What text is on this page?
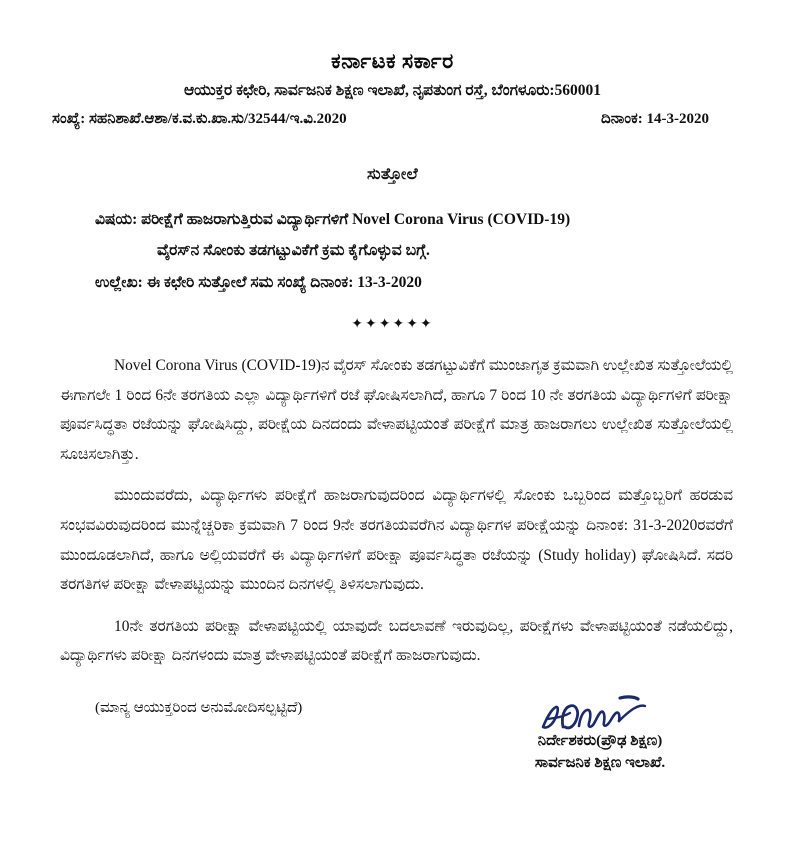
ಕರ್ನಾಟಕ ಸರ್ಕಾರ
ಆಯುಕ್ತರ ಕಛೇರಿ, ಸಾರ್ವಜನಿಕ ಶಿಕ್ಷಣ ಇಲಾಖೆ, ನೃಪತುಂಗ ರಸ್ತೆ, ಬೆಂಗಳೂರು:560001
ಸಂಖ್ಯೆ: ಸಹನಿಶಾಖೆ.ಆಶಾ/ಕ.ವ.ಕು.ಖಾ.ಸು/32544/ಇ.ವಿ.2020	ದಿನಾಂಕ: 14-3-2020
ಸುತ್ತೋಲೆ
ವಿಷಯ: ಪರೀಕ್ಷೆಗೆ ಹಾಜರಾಗುತ್ತಿರುವ ವಿದ್ಯಾರ್ಥಿಗಳಿಗೆ Novel Corona Virus (COVID-19)
ವೈರಸ್‌ನ ಸೋಂಕು ತಡಗಟ್ಟುವಿಕೆಗೆ ಕ್ರಮ ಕೈಗೊಳ್ಳುವ ಬಗ್ಗೆ.
ಉಲ್ಲೇಖ: ಈ ಕಛೇರಿ ಸುತ್ತೋಲೆ ಸಮ ಸಂಖ್ಯೆ ದಿನಾಂಕ: 13-3-2020
✦✦✦✦✦✦

Novel Corona Virus (COVID-19)ನ ವೈರಸ್ ಸೋಂಕು ತಡಗಟ್ಟುವಿಕೆಗೆ ಮುಂಜಾಗೃತ ಕ್ರಮವಾಗಿ ಉಲ್ಲೇಖಿತ ಸುತ್ತೋಲೆಯಲ್ಲಿ ಈಗಾಗಲೇ 1 ರಿಂದ 6ನೇ ತರಗತಿಯ ಎಲ್ಲಾ ವಿದ್ಯಾರ್ಥಿಗಳಿಗೆ ರಜೆ ಘೋಷಿಸಲಾಗಿದೆ, ಹಾಗೂ 7 ರಿಂದ 10 ನೇ ತರಗತಿಯ ವಿದ್ಯಾರ್ಥಿಗಳಿಗೆ ಪರೀಕ್ಷಾ ಪೂರ್ವಸಿದ್ಧತಾ ರಜೆಯನ್ನು ಘೋಷಿಸಿದ್ದು, ಪರೀಕ್ಷೆಯ ದಿನದಂದು ವೇಳಾಪಟ್ಟಿಯಂತೆ ಪರೀಕ್ಷೆಗೆ ಮಾತ್ರ ಹಾಜರಾಗಲು ಉಲ್ಲೇಖಿತ ಸುತ್ತೋಲೆಯಲ್ಲಿ ಸೂಚಿಸಲಾಗಿತ್ತು.

ಮುಂದುವರೆದು, ವಿದ್ಯಾರ್ಥಿಗಳು ಪರೀಕ್ಷೆಗೆ ಹಾಜರಾಗುವುದರಿಂದ ವಿದ್ಯಾರ್ಥಿಗಳಲ್ಲಿ ಸೋಂಕು ಒಬ್ಬರಿಂದ ಮತ್ತೊಬ್ಬರಿಗೆ ಹರಡುವ ಸಂಭವವಿರುವುದರಿಂದ ಮುನ್ನೆಚ್ಚರಿಕಾ ಕ್ರಮವಾಗಿ 7 ರಿಂದ 9ನೇ ತರಗತಿಯವರೆಗಿನ ವಿದ್ಯಾರ್ಥಿಗಳ ಪರೀಕ್ಷೆಯನ್ನು ದಿನಾಂಕ: 31-3-2020ರವರೆಗೆ ಮುಂದೂಡಲಾಗಿದೆ, ಹಾಗೂ ಅಲ್ಲಿಯವರೆಗೆ ಈ ವಿದ್ಯಾರ್ಥಿಗಳಿಗೆ ಪರೀಕ್ಷಾ ಪೂರ್ವಸಿದ್ಧತಾ ರಜೆಯನ್ನು (Study holiday) ಘೋಷಿಸಿದೆ. ಸದರಿ ತರಗತಿಗಳ ಪರೀಕ್ಷಾ ವೇಳಾಪಟ್ಟಿಯನ್ನು ಮುಂದಿನ ದಿನಗಳಲ್ಲಿ ತಿಳಿಸಲಾಗುವುದು.

10ನೇ ತರಗತಿಯ ಪರೀಕ್ಷಾ ವೇಳಾಪಟ್ಟಿಯಲ್ಲಿ ಯಾವುದೇ ಬದಲಾವಣೆ ಇರುವುದಿಲ್ಲ, ಪರೀಕ್ಷೆಗಳು ವೇಳಾಪಟ್ಟಿಯಂತೆ ನಡೆಯಲಿದ್ದು, ವಿದ್ಯಾರ್ಥಿಗಳು ಪರೀಕ್ಷಾ ದಿನಗಳಂದು ಮಾತ್ರ ವೇಳಾಪಟ್ಟಿಯಂತೆ ಪರೀಕ್ಷೆಗೆ ಹಾಜರಾಗುವುದು.

(ಮಾನ್ಯ ಆಯುಕ್ತರಿಂದ ಅನುಮೋದಿಸಲ್ಪಟ್ಟಿದೆ)
ನಿರ್ದೇಶಕರು(ಪ್ರೌಢ ಶಿಕ್ಷಣ)
ಸಾರ್ವಜನಿಕ ಶಿಕ್ಷಣ ಇಲಾಖೆ.
